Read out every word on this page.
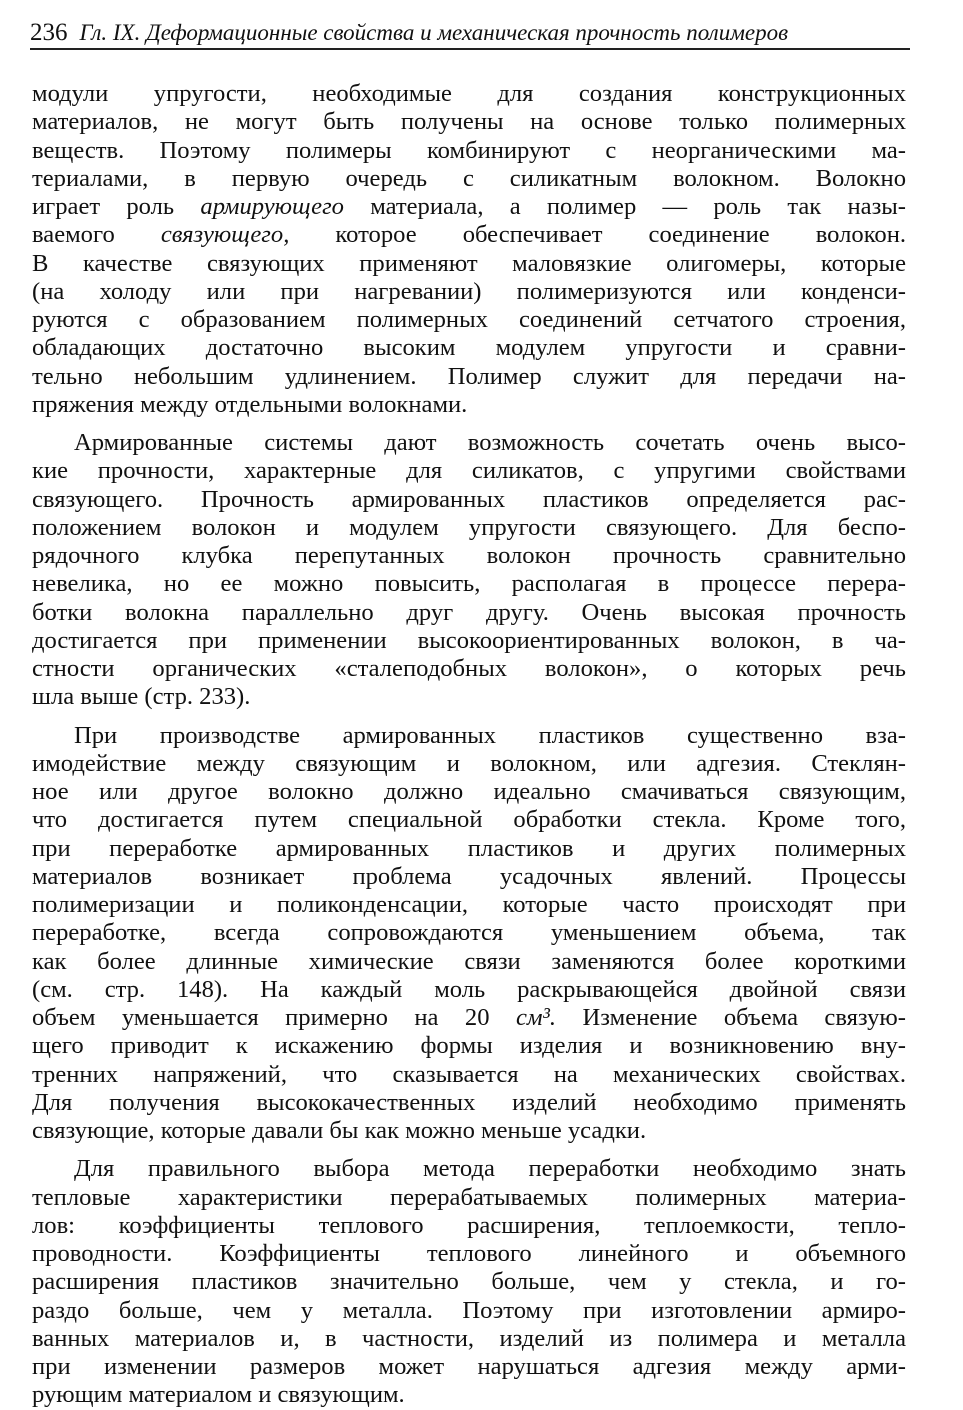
236 Гл. IX. Деформационные свойства и механическая прочность полимеров
модули упругости, необходимые для создания конструкционных
материалов, не могут быть получены на основе только полимерных
веществ. Поэтому полимеры комбинируют с неорганическими ма-
териалами, в первую очередь с силикатным волокном. Волокно
играет роль армирующего материала, а полимер — роль так назы-
ваемого связующего, которое обеспечивает соединение волокон.
В качестве связующих применяют маловязкие олигомеры, которые
(на холоду или при нагревании) полимеризуются или конденси-
руются с образованием полимерных соединений сетчатого строения,
обладающих достаточно высоким модулем упругости и сравни-
тельно небольшим удлинением. Полимер служит для передачи на-
пряжения между отдельными волокнами.
Армированные системы дают возможность сочетать очень высо-
кие прочности, характерные для силикатов, с упругими свойствами
связующего. Прочность армированных пластиков определяется рас-
положением волокон и модулем упругости связующего. Для беспо-
рядочного клубка перепутанных волокон прочность сравнительно
невелика, но ее можно повысить, располагая в процессе перера-
ботки волокна параллельно друг другу. Очень высокая прочность
достигается при применении высокоориентированных волокон, в ча-
стности органических «сталеподобных волокон», о которых речь
шла выше (стр. 233).
При производстве армированных пластиков существенно вза-
имодействие между связующим и волокном, или адгезия. Стеклян-
ное или другое волокно должно идеально смачиваться связующим,
что достигается путем специальной обработки стекла. Кроме того,
при переработке армированных пластиков и других полимерных
материалов возникает проблема усадочных явлений. Процессы
полимеризации и поликонденсации, которые часто происходят при
переработке, всегда сопровождаются уменьшением объема, так
как более длинные химические связи заменяются более короткими
(см. стр. 148). На каждый моль раскрывающейся двойной связи
объем уменьшается примерно на 20 см³. Изменение объема связую-
щего приводит к искажению формы изделия и возникновению вну-
тренних напряжений, что сказывается на механических свойствах.
Для получения высококачественных изделий необходимо применять
связующие, которые давали бы как можно меньше усадки.
Для правильного выбора метода переработки необходимо знать
тепловые характеристики перерабатываемых полимерных материа-
лов: коэффициенты теплового расширения, теплоемкости, тепло-
проводности. Коэффициенты теплового линейного и объемного
расширения пластиков значительно больше, чем у стекла, и го-
раздо больше, чем у металла. Поэтому при изготовлении армиро-
ванных материалов и, в частности, изделий из полимера и металла
при изменении размеров может нарушаться адгезия между арми-
рующим материалом и связующим.
